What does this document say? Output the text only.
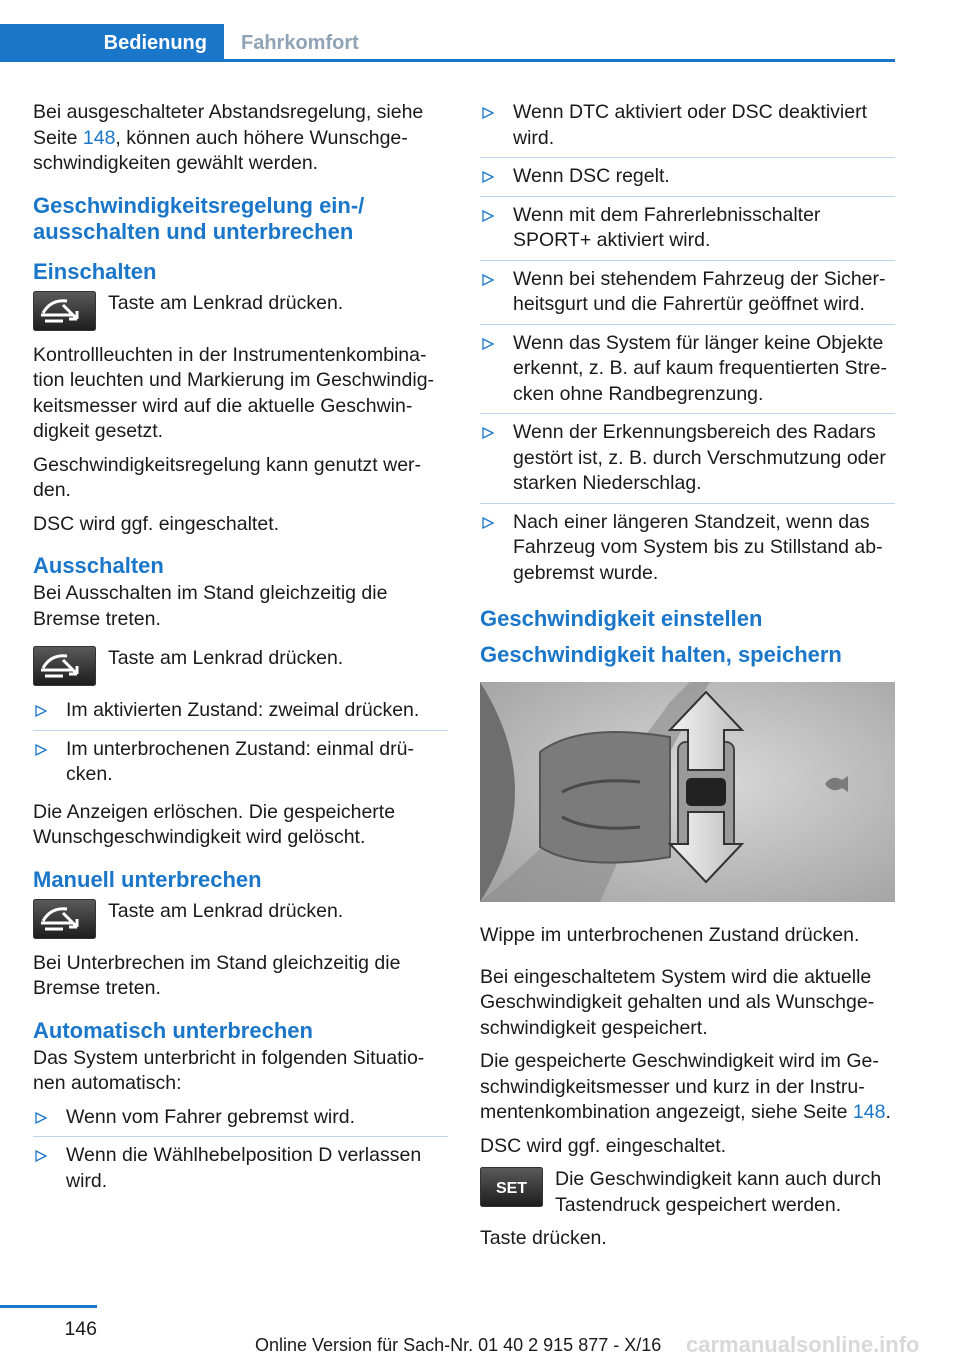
Bedienung	Fahrkomfort

Bei ausgeschalteter Abstandsregelung, siehe Seite 148, können auch höhere Wunschgeschwindigkeiten gewählt werden.

Geschwindigkeitsregelung ein-/ ausschalten und unterbrechen
Einschalten
Taste am Lenkrad drücken.

Kontrollleuchten in der Instrumentenkombination leuchten und Markierung im Geschwindigkeitsmesser wird auf die aktuelle Geschwindigkeit gesetzt.

Geschwindigkeitsregelung kann genutzt werden.

DSC wird ggf. eingeschaltet.

Ausschalten

Bei Ausschalten im Stand gleichzeitig die Bremse treten.

Taste am Lenkrad drücken.
Im aktivierten Zustand: zweimal drücken.
Im unterbrochenen Zustand: einmal drücken.

Die Anzeigen erlöschen. Die gespeicherte Wunschgeschwindigkeit wird gelöscht.

Manuell unterbrechen
Taste am Lenkrad drücken.

Bei Unterbrechen im Stand gleichzeitig die Bremse treten.

Automatisch unterbrechen

Das System unterbricht in folgenden Situationen automatisch:

Wenn vom Fahrer gebremst wird.
Wenn die Wählhebelposition D verlassen wird.
Wenn DTC aktiviert oder DSC deaktiviert wird.
Wenn DSC regelt.
Wenn mit dem Fahrerlebnisschalter SPORT+ aktiviert wird.
Wenn bei stehendem Fahrzeug der Sicherheitsgurt und die Fahrertür geöffnet wird.
Wenn das System für länger keine Objekte erkennt, z. B. auf kaum frequentierten Strecken ohne Randbegrenzung.
Wenn der Erkennungsbereich des Radars gestört ist, z. B. durch Verschmutzung oder starken Niederschlag.
Nach einer längeren Standzeit, wenn das Fahrzeug vom System bis zu Stillstand abgebremst wurde.
Geschwindigkeit einstellen
Geschwindigkeit halten, speichern

Wippe im unterbrochenen Zustand drücken.

Bei eingeschaltetem System wird die aktuelle Geschwindigkeit gehalten und als Wunschgeschwindigkeit gespeichert.

Die gespeicherte Geschwindigkeit wird im Geschwindigkeitsmesser und kurz in der Instrumentenkombination angezeigt, siehe Seite 148.

DSC wird ggf. eingeschaltet.

SET Die Geschwindigkeit kann auch durch Tastendruck gespeichert werden.

Taste drücken.

146
Online Version für Sach-Nr. 01 40 2 915 877 - X/16 carmanualsonline.info
